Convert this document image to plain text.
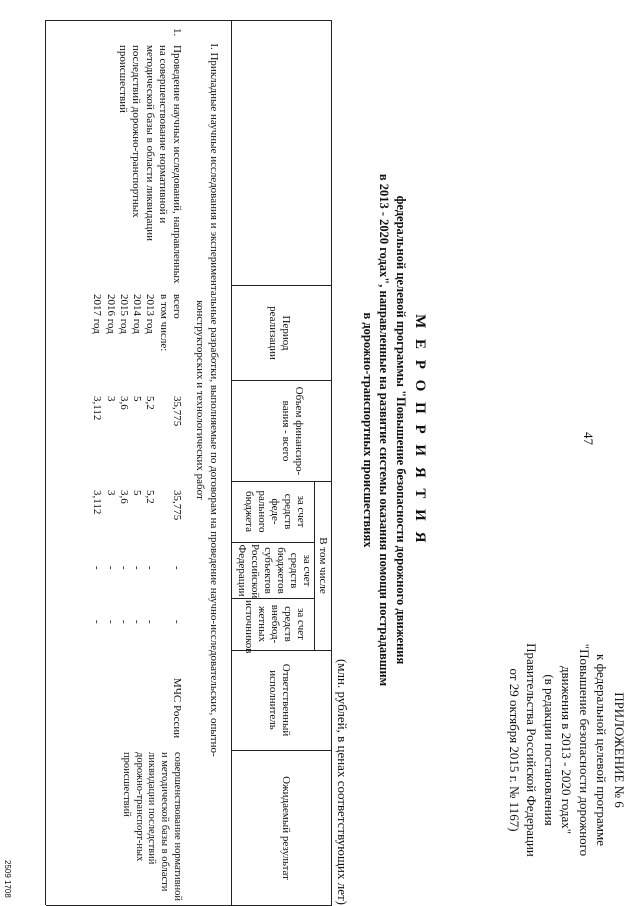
47
ПРИЛОЖЕНИЕ № 6
к федеральной целевой программе
"Повышение безопасности дорожного
движения в 2013 - 2020 годах"
(в редакции постановления
Правительства Российской Федерации
от 29 октября 2015 г. № 1167)
М Е Р О П Р И Я Т И Я
федеральной целевой программы "Повышение безопасности дорожного движения
в 2013 - 2020 годах", направленные на развитие системы оказания помощи пострадавшим
в дорожно-транспортных происшествиях
(млн. рублей, в ценах соответствующих лет)
Период реализации
Объем финансиро-вания - всего
В том числе
за счет средств феде-рального бюджета
за счет средств бюджетов субъектов Российской Федерации
за счет средств внебюд-жетных источников
Ответственный исполнитель
Ожидаемый результат
I. Прикладные научные исследования и экспериментальные разработки, выполняемые по договорам на проведение научно-исследовательских, опытно-конструкторских и технологических работ
1.
Проведение научных исследований, направленных на совершенствование нормативной и методической базы в области ликвидации последствий дорожно-транспортных происшествий
всего
в том числе:
2013 год
2014 год
2015 год
2016 год
2017 год
35,775

5,2
5
3,6
3
3,112
35,775

5,2
5
3,6
3
3,112
-

-
-
-
-
-
-

-
-
-
-
-
МЧС России
совершенствование нормативной и методической базы в области ликвидации последствий дорожно-транспорт-ных происшествий
2509 1708
